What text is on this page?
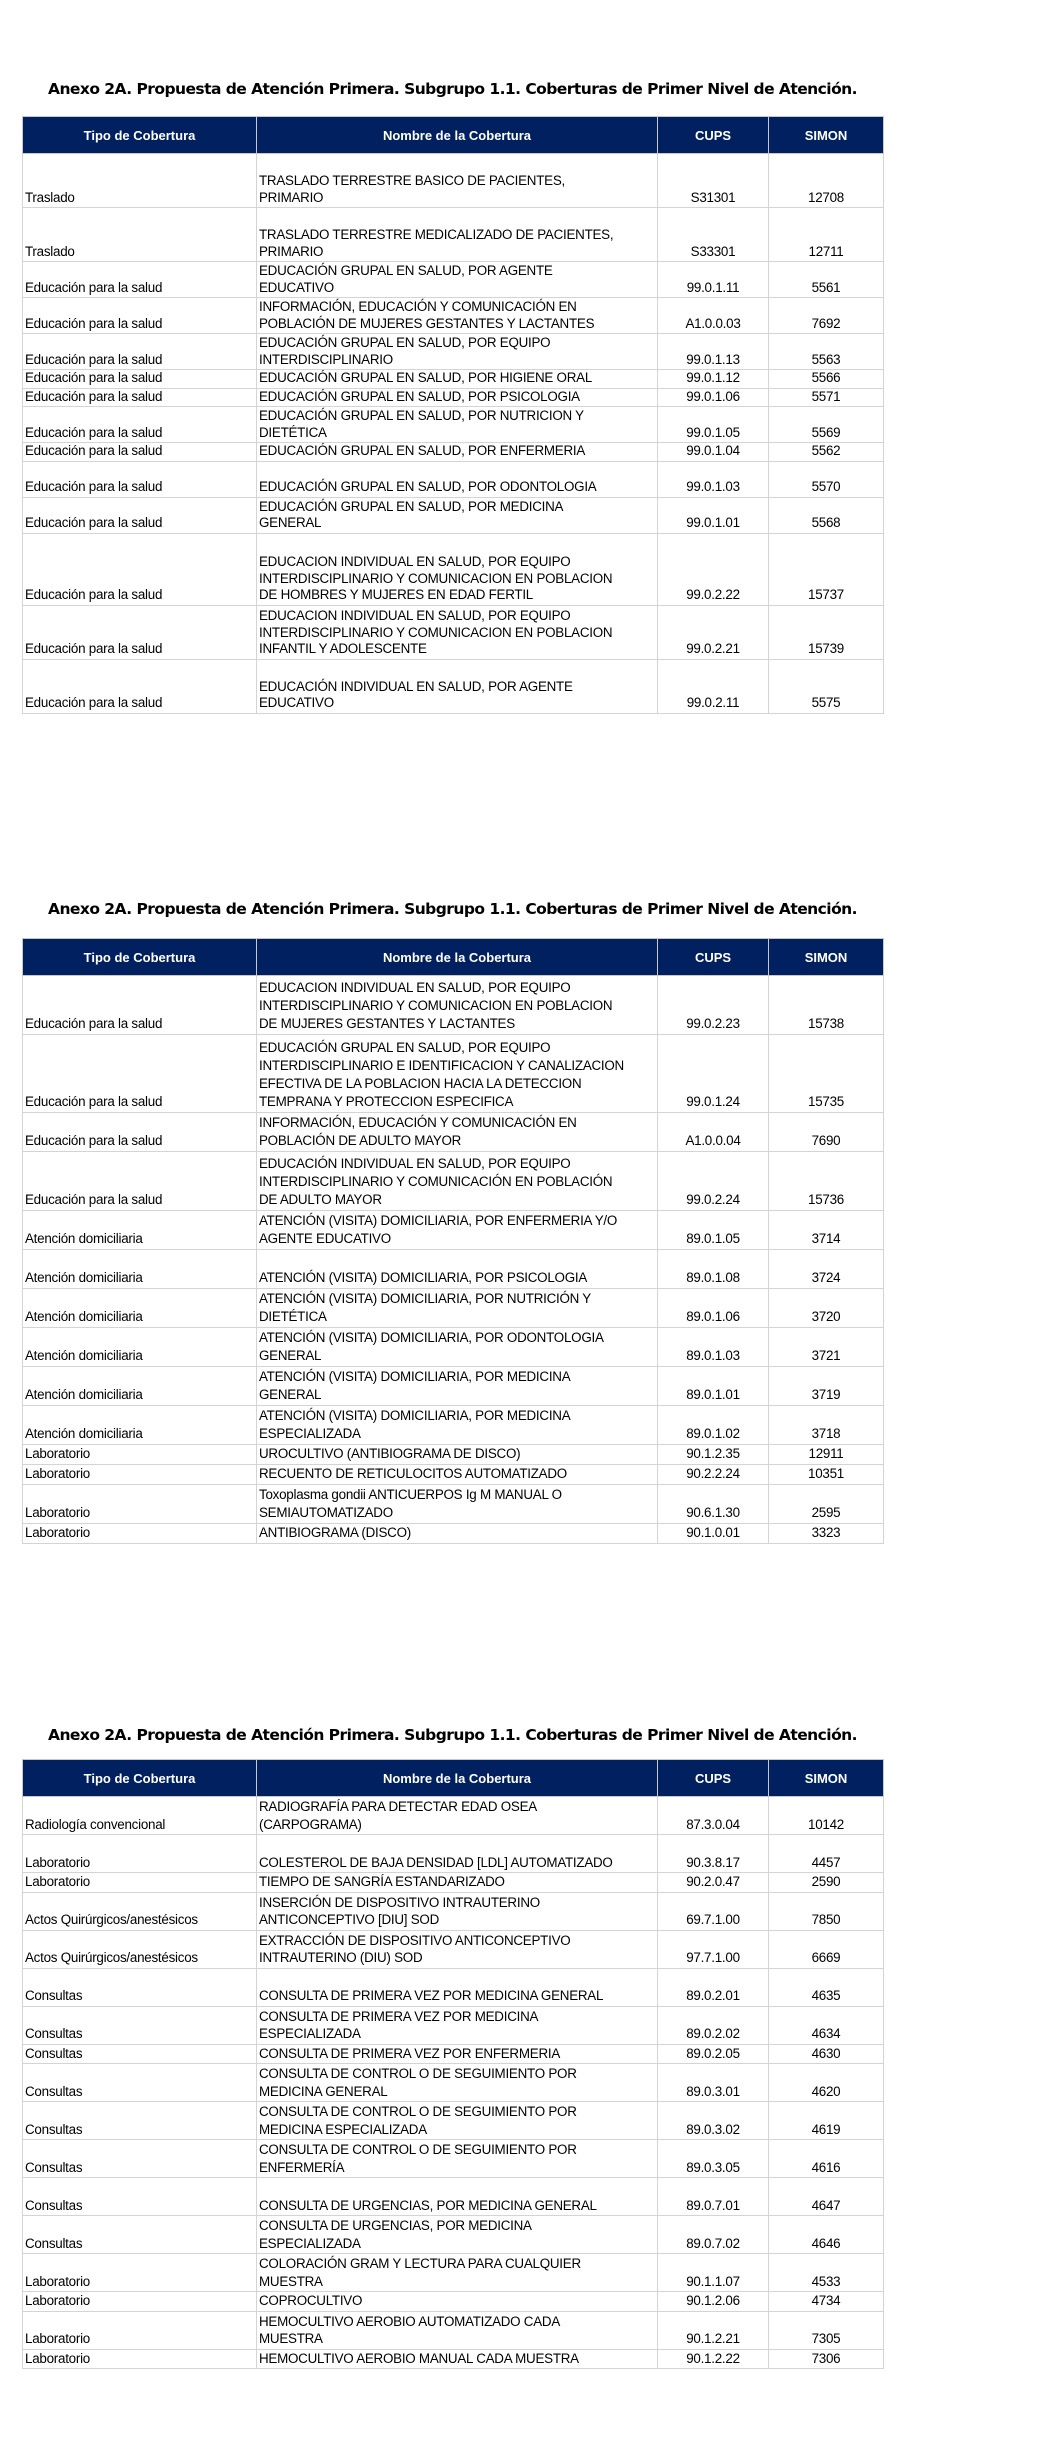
Anexo 2A. Propuesta de Atención Primera. Subgrupo 1.1. Coberturas de Primer Nivel de Atención.
Tipo de Cobertura	Nombre de la Cobertura	CUPS	SIMON
Traslado	TRASLADO TERRESTRE BASICO DE PACIENTES,
PRIMARIO	S31301	12708
Traslado	TRASLADO TERRESTRE MEDICALIZADO DE PACIENTES,
PRIMARIO	S33301	12711
Educación para la salud	EDUCACIÓN GRUPAL EN SALUD, POR AGENTE
EDUCATIVO	99.0.1.11	5561
Educación para la salud	INFORMACIÓN, EDUCACIÓN Y COMUNICACIÓN EN
POBLACIÓN DE MUJERES GESTANTES Y LACTANTES	A1.0.0.03	7692
Educación para la salud	EDUCACIÓN GRUPAL EN SALUD, POR EQUIPO
INTERDISCIPLINARIO	99.0.1.13	5563
Educación para la salud	EDUCACIÓN GRUPAL EN SALUD, POR HIGIENE ORAL	99.0.1.12	5566
Educación para la salud	EDUCACIÓN GRUPAL EN SALUD, POR PSICOLOGIA	99.0.1.06	5571
Educación para la salud	EDUCACIÓN GRUPAL EN SALUD, POR NUTRICION Y
DIETÉTICA	99.0.1.05	5569
Educación para la salud	EDUCACIÓN GRUPAL EN SALUD, POR ENFERMERIA	99.0.1.04	5562
Educación para la salud	EDUCACIÓN GRUPAL EN SALUD, POR ODONTOLOGIA	99.0.1.03	5570
Educación para la salud	EDUCACIÓN GRUPAL EN SALUD, POR MEDICINA
GENERAL	99.0.1.01	5568
Educación para la salud	EDUCACION INDIVIDUAL EN SALUD, POR EQUIPO
INTERDISCIPLINARIO Y COMUNICACION EN POBLACION
DE HOMBRES Y MUJERES EN EDAD FERTIL	99.0.2.22	15737
Educación para la salud	EDUCACION INDIVIDUAL EN SALUD, POR EQUIPO
INTERDISCIPLINARIO Y COMUNICACION EN POBLACION
INFANTIL Y ADOLESCENTE	99.0.2.21	15739
Educación para la salud	EDUCACIÓN INDIVIDUAL EN SALUD, POR AGENTE
EDUCATIVO	99.0.2.11	5575
Anexo 2A. Propuesta de Atención Primera. Subgrupo 1.1. Coberturas de Primer Nivel de Atención.
Tipo de Cobertura	Nombre de la Cobertura	CUPS	SIMON
Educación para la salud	EDUCACION INDIVIDUAL EN SALUD, POR EQUIPO
INTERDISCIPLINARIO Y COMUNICACION EN POBLACION
DE MUJERES GESTANTES Y LACTANTES	99.0.2.23	15738
Educación para la salud	EDUCACIÓN GRUPAL EN SALUD, POR EQUIPO
INTERDISCIPLINARIO E IDENTIFICACION Y CANALIZACION
EFECTIVA DE LA POBLACION HACIA LA DETECCION
TEMPRANA Y PROTECCION ESPECIFICA	99.0.1.24	15735
Educación para la salud	INFORMACIÓN, EDUCACIÓN Y COMUNICACIÓN EN
POBLACIÓN DE ADULTO MAYOR	A1.0.0.04	7690
Educación para la salud	EDUCACIÓN INDIVIDUAL EN SALUD, POR EQUIPO
INTERDISCIPLINARIO Y COMUNICACIÓN EN POBLACIÓN
DE ADULTO MAYOR	99.0.2.24	15736
Atención domiciliaria	ATENCIÓN (VISITA) DOMICILIARIA, POR ENFERMERIA Y/O
AGENTE EDUCATIVO	89.0.1.05	3714
Atención domiciliaria	ATENCIÓN (VISITA) DOMICILIARIA, POR PSICOLOGIA	89.0.1.08	3724
Atención domiciliaria	ATENCIÓN (VISITA) DOMICILIARIA, POR NUTRICIÓN Y
DIETÉTICA	89.0.1.06	3720
Atención domiciliaria	ATENCIÓN (VISITA) DOMICILIARIA, POR ODONTOLOGIA
GENERAL	89.0.1.03	3721
Atención domiciliaria	ATENCIÓN (VISITA) DOMICILIARIA, POR MEDICINA
GENERAL	89.0.1.01	3719
Atención domiciliaria	ATENCIÓN (VISITA) DOMICILIARIA, POR MEDICINA
ESPECIALIZADA	89.0.1.02	3718
Laboratorio	UROCULTIVO (ANTIBIOGRAMA DE DISCO)	90.1.2.35	12911
Laboratorio	RECUENTO DE RETICULOCITOS AUTOMATIZADO	90.2.2.24	10351
Laboratorio	Toxoplasma gondii ANTICUERPOS Ig M MANUAL O
SEMIAUTOMATIZADO	90.6.1.30	2595
Laboratorio	ANTIBIOGRAMA (DISCO)	90.1.0.01	3323
Anexo 2A. Propuesta de Atención Primera. Subgrupo 1.1. Coberturas de Primer Nivel de Atención.
Tipo de Cobertura	Nombre de la Cobertura	CUPS	SIMON
Radiología convencional	RADIOGRAFÍA PARA DETECTAR EDAD OSEA
(CARPOGRAMA)	87.3.0.04	10142
Laboratorio	COLESTEROL DE BAJA DENSIDAD [LDL] AUTOMATIZADO	90.3.8.17	4457
Laboratorio	TIEMPO DE SANGRÍA ESTANDARIZADO	90.2.0.47	2590
Actos Quirúrgicos/anestésicos	INSERCIÓN DE DISPOSITIVO INTRAUTERINO
ANTICONCEPTIVO [DIU] SOD	69.7.1.00	7850
Actos Quirúrgicos/anestésicos	EXTRACCIÓN DE DISPOSITIVO ANTICONCEPTIVO
INTRAUTERINO (DIU) SOD	97.7.1.00	6669
Consultas	CONSULTA DE PRIMERA VEZ POR MEDICINA GENERAL	89.0.2.01	4635
Consultas	CONSULTA DE PRIMERA VEZ POR MEDICINA
ESPECIALIZADA	89.0.2.02	4634
Consultas	CONSULTA DE PRIMERA VEZ POR ENFERMERIA	89.0.2.05	4630
Consultas	CONSULTA DE CONTROL O DE SEGUIMIENTO POR
MEDICINA GENERAL	89.0.3.01	4620
Consultas	CONSULTA DE CONTROL O DE SEGUIMIENTO POR
MEDICINA ESPECIALIZADA	89.0.3.02	4619
Consultas	CONSULTA DE CONTROL O DE SEGUIMIENTO POR
ENFERMERÍA	89.0.3.05	4616
Consultas	CONSULTA DE URGENCIAS, POR MEDICINA GENERAL	89.0.7.01	4647
Consultas	CONSULTA DE URGENCIAS, POR MEDICINA
ESPECIALIZADA	89.0.7.02	4646
Laboratorio	COLORACIÓN GRAM Y LECTURA PARA CUALQUIER
MUESTRA	90.1.1.07	4533
Laboratorio	COPROCULTIVO	90.1.2.06	4734
Laboratorio	HEMOCULTIVO AEROBIO AUTOMATIZADO CADA
MUESTRA	90.1.2.21	7305
Laboratorio	HEMOCULTIVO AEROBIO MANUAL CADA MUESTRA	90.1.2.22	7306
